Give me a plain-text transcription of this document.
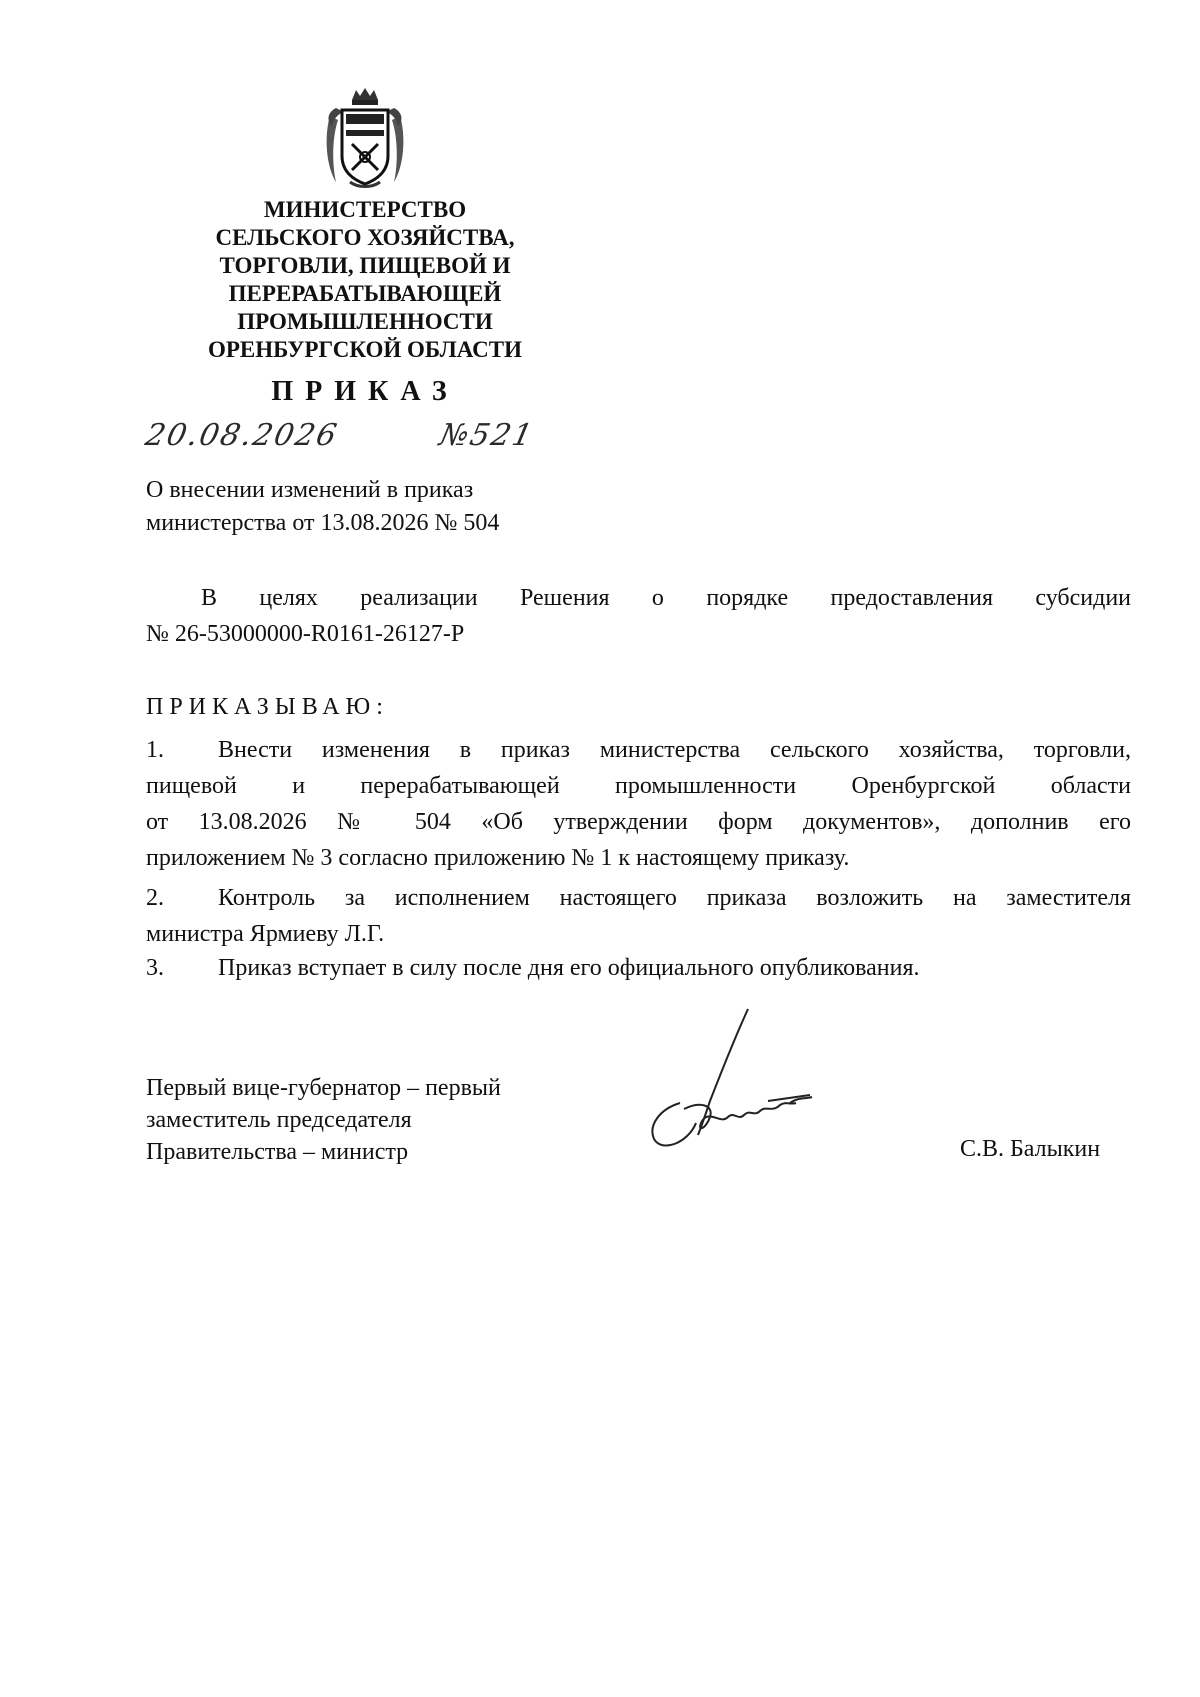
МИНИСТЕРСТВО
СЕЛЬСКОГО ХОЗЯЙСТВА,
ТОРГОВЛИ, ПИЩЕВОЙ И
ПЕРЕРАБАТЫВАЮЩЕЙ
ПРОМЫШЛЕННОСТИ
ОРЕНБУРГСКОЙ ОБЛАСТИ
ПРИКАЗ
20.08.2026	№521
О внесении изменений в приказ
министерства от 13.08.2026 № 504
В целях реализации Решения о порядке предоставления субсидии
№ 26-53000000-R0161-26127-Р
ПРИКАЗЫВАЮ:
1.	Внести изменения в приказ министерства сельского хозяйства, торговли,
пищевой и перерабатывающей промышленности Оренбургской области
от 13.08.2026 № 504 «Об утверждении форм документов», дополнив его
приложением № 3 согласно приложению № 1 к настоящему приказу.
2.	Контроль за исполнением настоящего приказа возложить на заместителя
министра Ярмиеву Л.Г.
3.	Приказ вступает в силу после дня его официального опубликования.
Первый вице-губернатор – первый
заместитель председателя
Правительства – министр	С.В. Балыкин
